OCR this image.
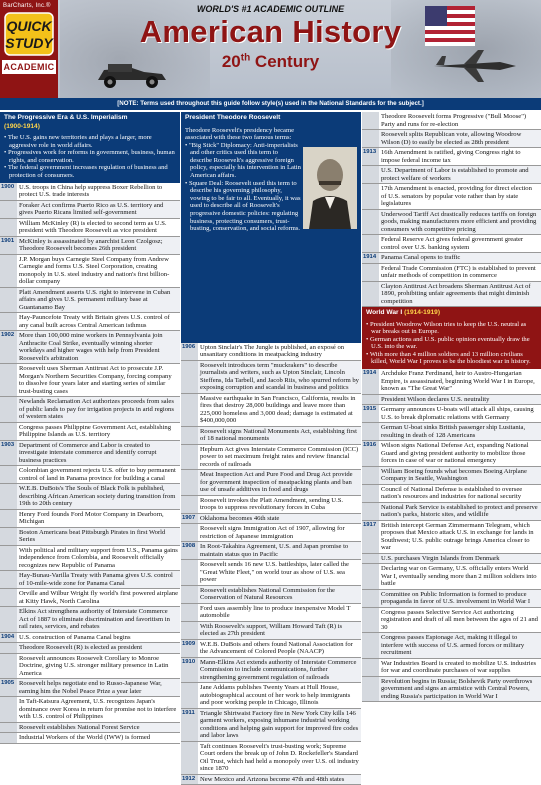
BarCharts, Inc.®
QUICK
STUDY
ACADEMIC
WORLD'S #1 ACADEMIC OUTLINE
American History
20th Century
[NOTE: Terms used throughout this guide follow style(s) used in the National Standards for the subject.]
The Progressive Era & U.S. Imperialism
(1900-1914)
• The U.S. gains new territories and plays a larger, more aggressive role in world affairs.
• Progressives work for reforms in government, business, human rights, and conservation.
• The federal government increases regulation of business and protection of consumers.
1900 U.S. troops in China help suppress Boxer Rebellion to protect U.S. trade interests
Foraker Act confirms Puerto Rico as U.S. territory and gives Puerto Ricans limited self-government
William McKinley (R) is elected to second term as U.S. president with Theodore Roosevelt as vice president
1901 McKinley is assassinated by anarchist Leon Czolgosz; Theodore Roosevelt becomes 26th president
J.P. Morgan buys Carnegie Steel Company from Andrew Carnegie and forms U.S. Steel Corporation, creating monopoly in U.S. steel industry and nation's first billion-dollar company
Platt Amendment asserts U.S. right to intervene in Cuban affairs and gives U.S. permanent military base at Guantanamo Bay
Hay-Pauncefote Treaty with Britain gives U.S. control of any canal built across Central American isthmus
1902 More than 100,000 mine workers in Pennsylvania join Anthracite Coal Strike, eventually winning shorter workdays and higher wages with help from President Roosevelt's arbitration
Roosevelt uses Sherman Antitrust Act to prosecute J.P. Morgan's Northern Securities Company, forcing company to dissolve four years later and starting series of similar trust-busting cases
Newlands Reclamation Act authorizes proceeds from sales of public lands to pay for irrigation projects in arid regions of western states
Congress passes Philippine Government Act, establishing Philippine Islands as U.S. territory
1903 Department of Commerce and Labor is created to investigate interstate commerce and identify corrupt business practices
Colombian government rejects U.S. offer to buy permanent control of land in Panama province for building a canal
W.E.B. DuBois's The Souls of Black Folk is published, describing African American society during transition from 19th to 20th century
Henry Ford founds Ford Motor Company in Dearborn, Michigan
Boston Americans beat Pittsburgh Pirates in first World Series
With political and military support from U.S., Panama gains independence from Colombia, and Roosevelt officially recognizes new Republic of Panama
Hay-Bunau-Varilla Treaty with Panama gives U.S. control of 10-mile-wide zone for Panama Canal
Orville and Wilbur Wright fly world's first powered airplane at Kitty Hawk, North Carolina
Elkins Act strengthens authority of Interstate Commerce Act of 1887 to eliminate discrimination and favoritism in rail rates, services, and rebates
1904 U.S. construction of Panama Canal begins
Theodore Roosevelt (R) is elected as president
Roosevelt announces Roosevelt Corollary to Monroe Doctrine, giving U.S. stronger military presence in Latin America
1905 Roosevelt helps negotiate end to Russo-Japanese War, earning him the Nobel Peace Prize a year later
In Taft-Katsura Agreement, U.S. recognizes Japan's dominance over Korea in return for promise not to interfere with U.S. control of Philippines
Roosevelt establishes National Forest Service
Industrial Workers of the World (IWW) is formed
President Theodore Roosevelt
Theodore Roosevelt's presidency became associated with these two famous terms:
• "Big Stick" Diplomacy: Anti-imperialists and other critics used this term to describe Roosevelt's aggressive foreign policy, especially his intervention in Latin American affairs.
• Square Deal: Roosevelt used this term to describe his governing philosophy, vowing to be fair to all. Eventually, it was used to describe all of Roosevelt's progressive domestic policies: regulating business, protecting consumers, trust-busting, conservation, and social reforms.
1906 Upton Sinclair's The Jungle is published, an exposé on unsanitary conditions in meatpacking industry
Roosevelt introduces term "muckrakers" to describe journalists and writers, such as Upton Sinclair, Lincoln Steffens, Ida Tarbell, and Jacob Riis, who spurred reform by exposing corruption and scandal in business and politics
Massive earthquake in San Francisco, California, results in fires that destroy 28,000 buildings and leave more than 225,000 homeless and 3,000 dead; damage is estimated at $400,000,000
Roosevelt signs National Monuments Act, establishing first of 18 national monuments
Hepburn Act gives Interstate Commerce Commission (ICC) power to set maximum freight rates and review financial records of railroads
Meat Inspection Act and Pure Food and Drug Act provide for government inspection of meatpacking plants and ban use of unsafe additives in food and drugs
Roosevelt invokes the Platt Amendment, sending U.S. troops to suppress revolutionary forces in Cuba
1907 Oklahoma becomes 46th state
Roosevelt signs Immigration Act of 1907, allowing for restriction of Japanese immigration
1908 In Root-Takahira Agreement, U.S. and Japan promise to maintain status quo in Pacific
Roosevelt sends 16 new U.S. battleships, later called the "Great White Fleet," on world tour as show of U.S. sea power
Roosevelt establishes National Commission for the Conservation of Natural Resources
Ford uses assembly line to produce inexpensive Model T automobile
With Roosevelt's support, William Howard Taft (R) is elected as 27th president
1909 W.E.B. DuBois and others found National Association for the Advancement of Colored People (NAACP)
1910 Mann-Elkins Act extends authority of Interstate Commerce Commission to include communications, further strengthening government regulation of railroads
Jane Addams publishes Twenty Years at Hull House, autobiographical account of her work to help immigrants and poor working people in Chicago, Illinois
1911 Triangle Shirtwaist Factory fire in New York City kills 146 garment workers, exposing inhumane industrial working conditions and helping gain support for improved fire codes and labor laws
Taft continues Roosevelt's trust-busting work; Supreme Court orders the break up of John D. Rockefeller's Standard Oil Trust, which had held a monopoly over U.S. oil industry since 1870
1912 New Mexico and Arizona become 47th and 48th states
Theodore Roosevelt forms Progressive ("Bull Moose") Party and runs for re-election
Roosevelt splits Republican vote, allowing Woodrow Wilson (D) to easily be elected as 28th president
1913 16th Amendment is ratified, giving Congress right to impose federal income tax
U.S. Department of Labor is established to promote and protect welfare of workers
17th Amendment is enacted, providing for direct election of U.S. senators by popular vote rather than by state legislatures
Underwood Tariff Act drastically reduces tariffs on foreign goods, making manufacturers more efficient and providing consumers with competitive pricing
Federal Reserve Act gives federal government greater control over U.S. banking system
1914 Panama Canal opens to traffic
Federal Trade Commission (FTC) is established to prevent unfair methods of competition in commerce
Clayton Antitrust Act broadens Sherman Antitrust Act of 1890, prohibiting unfair agreements that might diminish competition
World War I (1914-1919)
• President Woodrow Wilson tries to keep the U.S. neutral as war breaks out in Europe.
• German actions and U.S. public opinion eventually draw the U.S. into the war.
• With more than 4 million soldiers and 13 million civilians killed, World War I proves to be the bloodiest war in history.
1914 Archduke Franz Ferdinand, heir to Austro-Hungarian Empire, is assassinated, beginning World War I in Europe, known as "The Great War"
President Wilson declares U.S. neutrality
1915 Germany announces U-boats will attack all ships, causing U.S. to break diplomatic relations with Germany
German U-boat sinks British passenger ship Lusitania, resulting in death of 128 Americans
1916 Wilson signs National Defense Act, expanding National Guard and giving president authority to mobilize those forces in case of war or national emergency
William Boeing founds what becomes Boeing Airplane Company in Seattle, Washington
Council of National Defense is established to oversee nation's resources and industries for national security
National Park Service is established to protect and preserve nation's parks, historic sites, and wildlife
1917 British intercept German Zimmermann Telegram, which proposes that Mexico attack U.S. in exchange for lands in Southwest; U.S. public outrage brings America closer to war
U.S. purchases Virgin Islands from Denmark
Declaring war on Germany, U.S. officially enters World War I, eventually sending more than 2 million soldiers into battle
Committee on Public Information is formed to produce propaganda in favor of U.S. involvement in World War I
Congress passes Selective Service Act authorizing registration and draft of all men between the ages of 21 and 30
Congress passes Espionage Act, making it illegal to interfere with success of U.S. armed forces or military recruitment
War Industries Board is created to mobilize U.S. industries for war and coordinate purchases of war supplies
Revolution begins in Russia; Bolshevik Party overthrows government and signs an armistice with Central Powers, ending Russia's participation in World War I
